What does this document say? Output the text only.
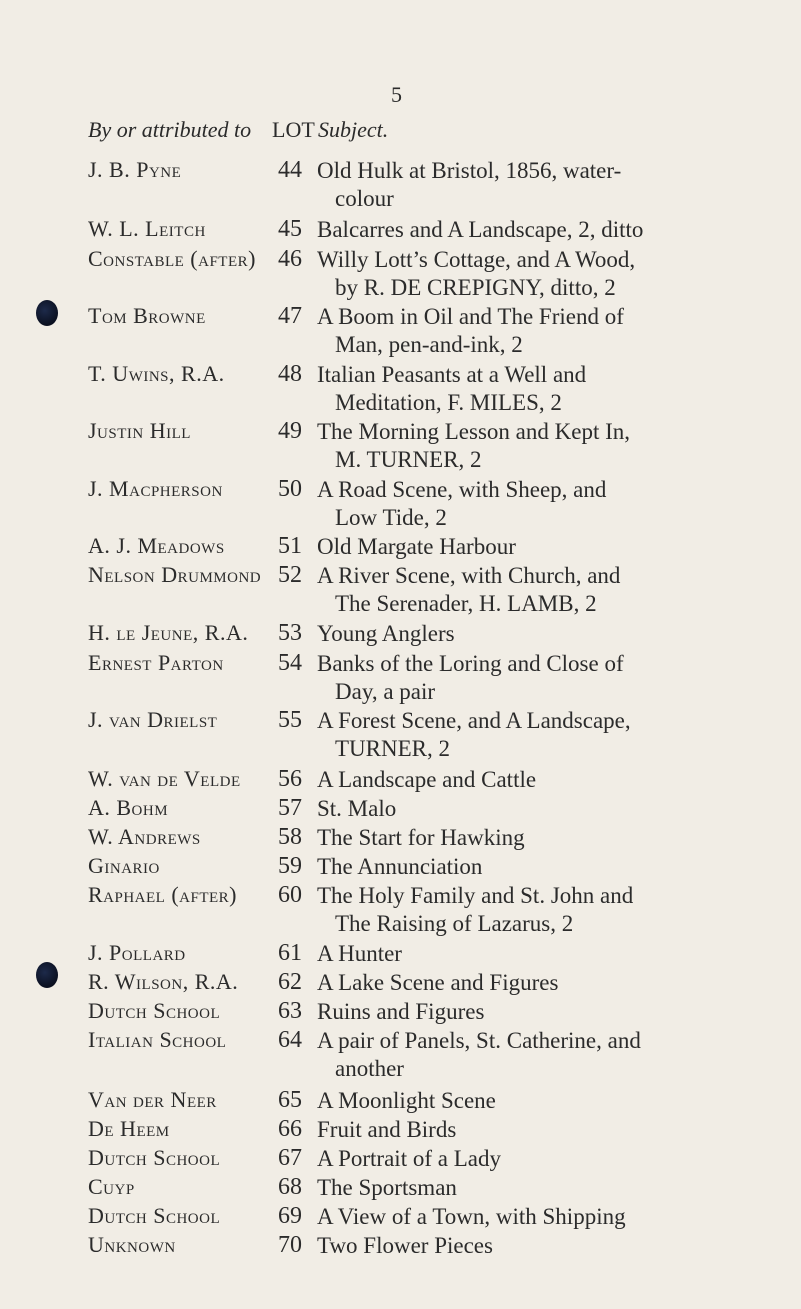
5
By or attributed to LOT Subject.
J. B. Pyne	44 Old Hulk at Bristol, 1856, water-
colour
W. L. Leitch	45 Balcarres and A Landscape, 2, ditto
Constable (after) 46 Willy Lott’s Cottage, and A Wood,
by R. DE CREPIGNY, ditto, 2
Tom Browne	47 A Boom in Oil and The Friend of
Man, pen-and-ink, 2
T. Uwins, R.A.	48 Italian Peasants at a Well and
Meditation, F. MILES, 2
Justin Hill	49 The Morning Lesson and Kept In,
M. TURNER, 2
J. Macpherson	50 A Road Scene, with Sheep, and
Low Tide, 2
A. J. Meadows	51 Old Margate Harbour
Nelson Drummond 52 A River Scene, with Church, and
The Serenader, H. LAMB, 2
H. le Jeune, R.A.	53 Young Anglers
Ernest Parton	54 Banks of the Loring and Close of
Day, a pair
J. van Drielst	55 A Forest Scene, and A Landscape,
TURNER, 2
W. van de Velde	56 A Landscape and Cattle
A. Bohm	57 St. Malo
W. Andrews	58 The Start for Hawking
Ginario	59 The Annunciation
Raphael (after)	60 The Holy Family and St. John and
The Raising of Lazarus, 2
J. Pollard	61 A Hunter
R. Wilson, R.A.	62 A Lake Scene and Figures
Dutch School	63 Ruins and Figures
Italian School	64 A pair of Panels, St. Catherine, and
another
Van der Neer	65 A Moonlight Scene
De Heem	66 Fruit and Birds
Dutch School	67 A Portrait of a Lady
Cuyp	68 The Sportsman
Dutch School	69 A View of a Town, with Shipping
Unknown	70 Two Flower Pieces
